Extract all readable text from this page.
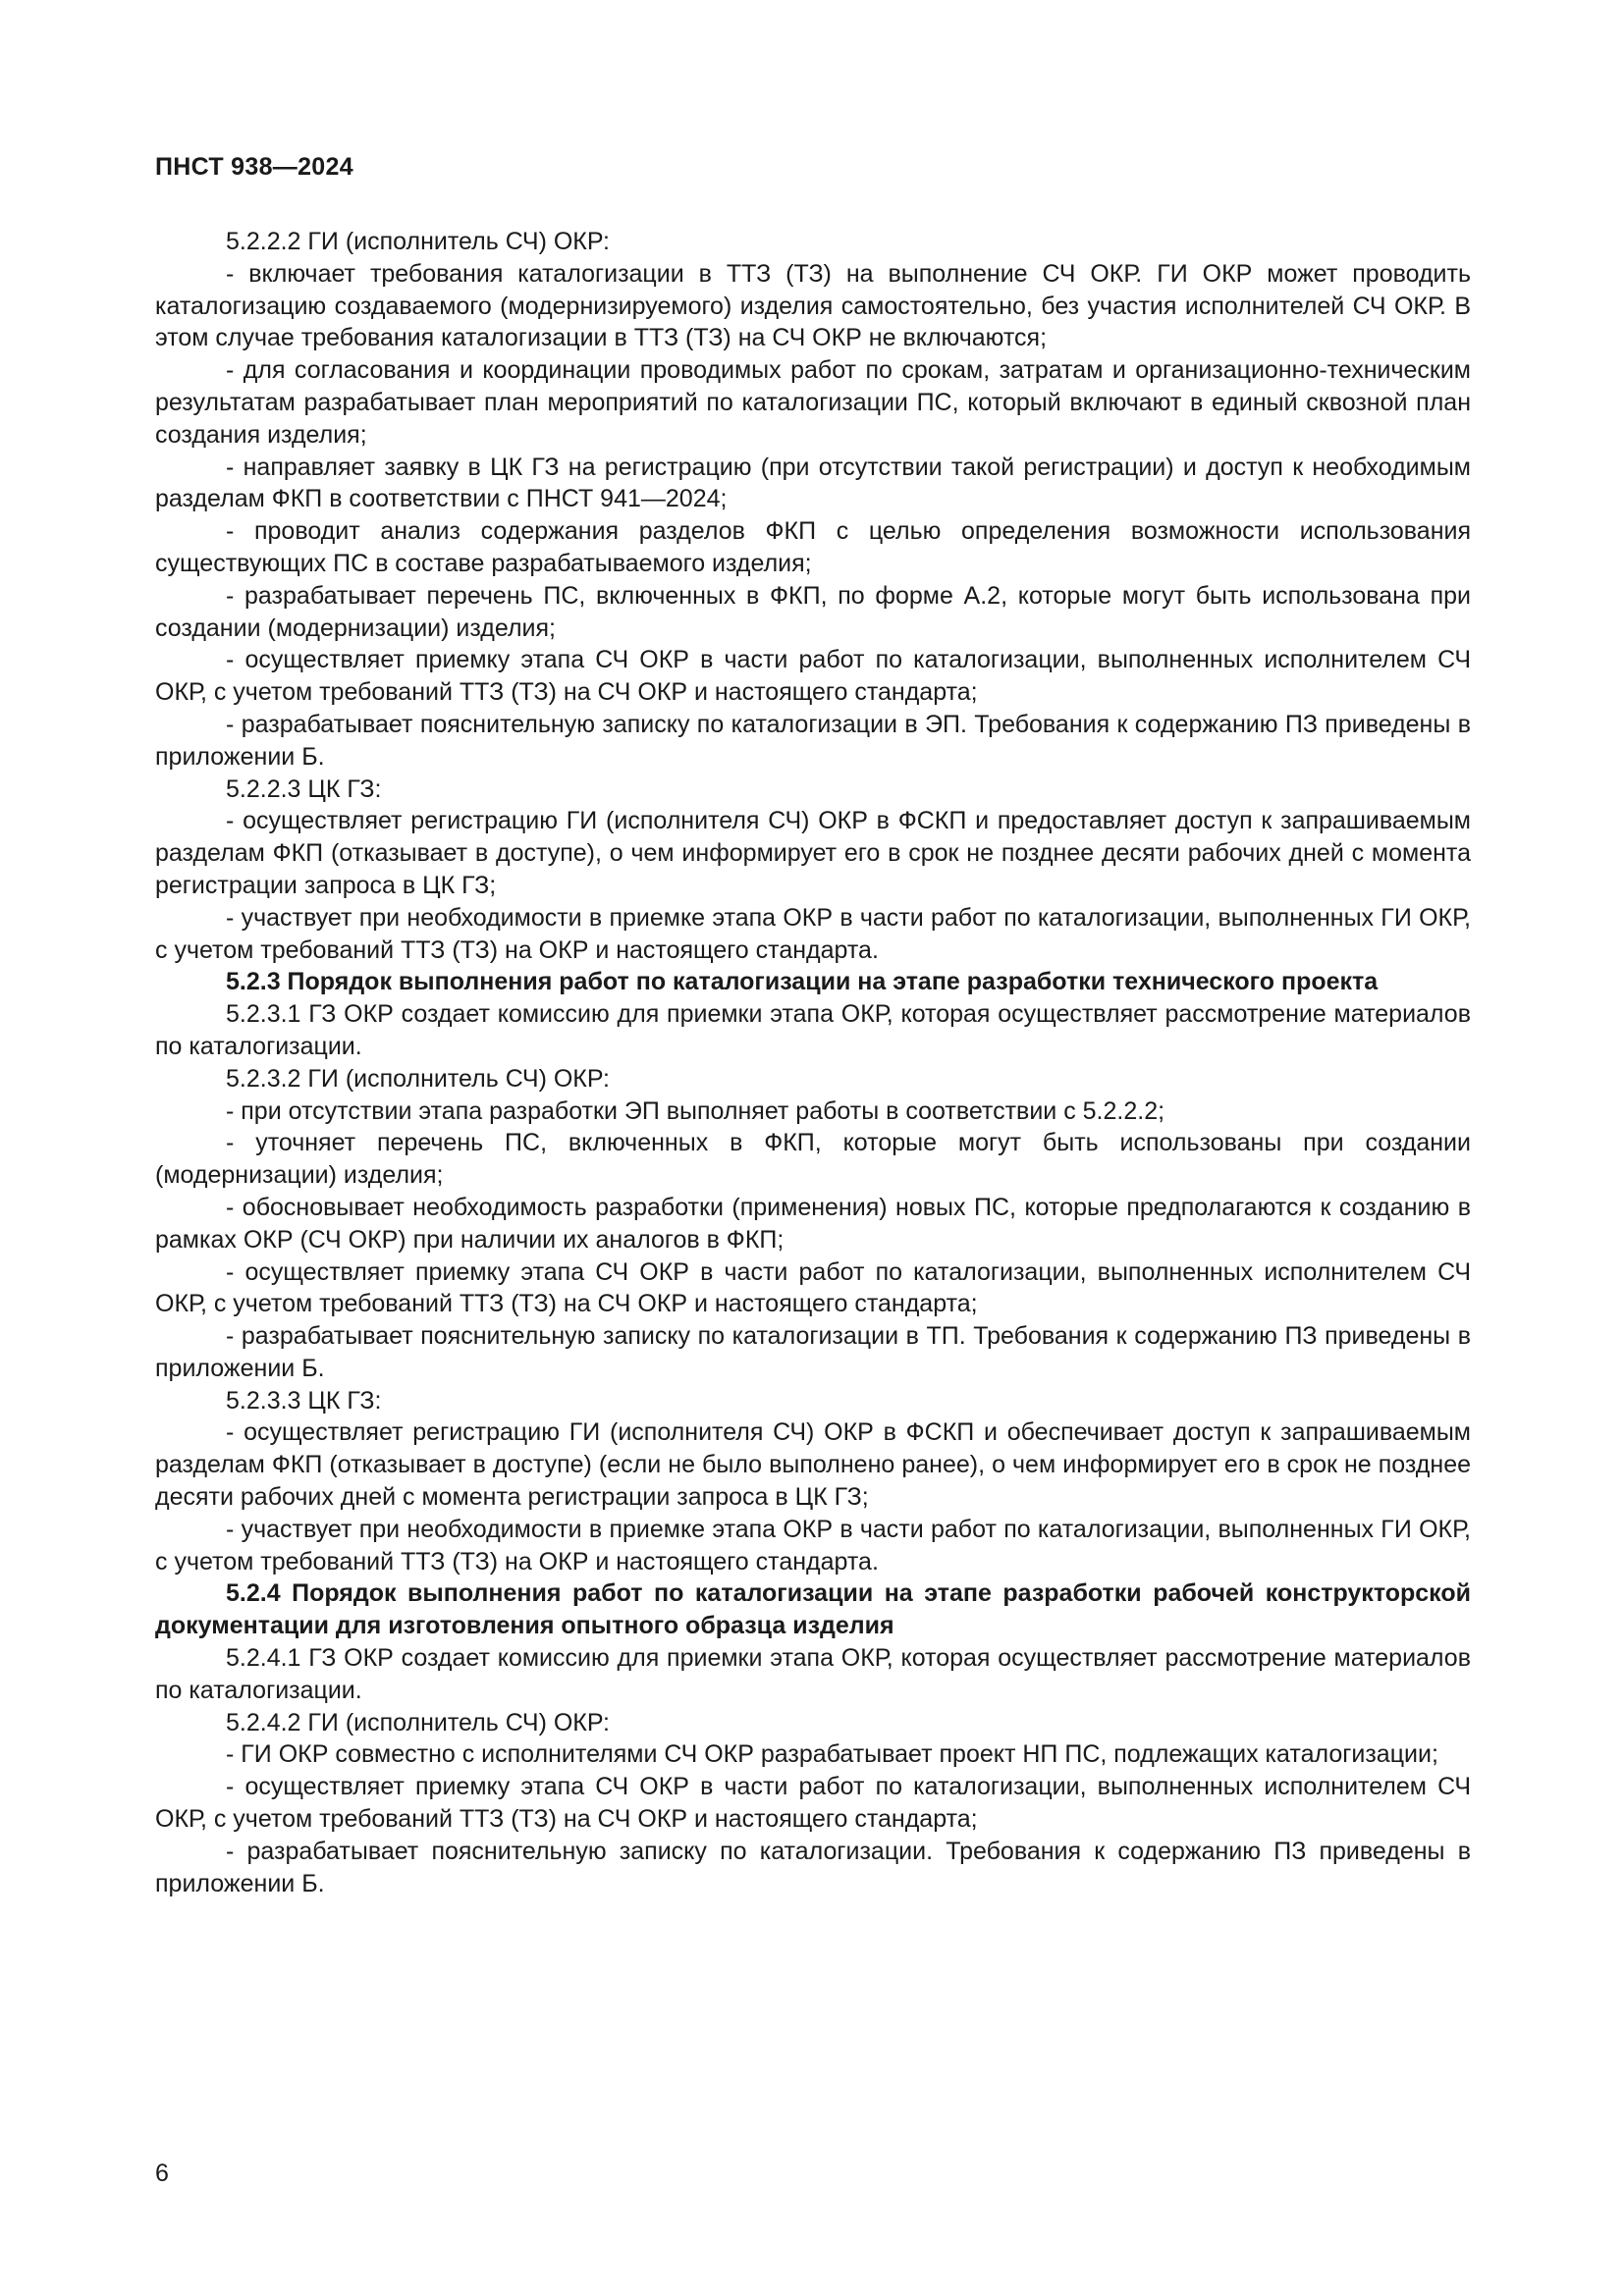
ПНСТ 938—2024

5.2.2.2 ГИ (исполнитель СЧ) ОКР:

- включает требования каталогизации в ТТЗ (ТЗ) на выполнение СЧ ОКР. ГИ ОКР может проводить каталогизацию создаваемого (модернизируемого) изделия самостоятельно, без участия исполнителей СЧ ОКР. В этом случае требования каталогизации в ТТЗ (ТЗ) на СЧ ОКР не включаются;

- для согласования и координации проводимых работ по срокам, затратам и организационно-техническим результатам разрабатывает план мероприятий по каталогизации ПС, который включают в единый сквозной план создания изделия;

- направляет заявку в ЦК ГЗ на регистрацию (при отсутствии такой регистрации) и доступ к необходимым разделам ФКП в соответствии с ПНСТ 941—2024;

- проводит анализ содержания разделов ФКП с целью определения возможности использования существующих ПС в составе разрабатываемого изделия;

- разрабатывает перечень ПС, включенных в ФКП, по форме А.2, которые могут быть использована при создании (модернизации) изделия;

- осуществляет приемку этапа СЧ ОКР в части работ по каталогизации, выполненных исполнителем СЧ ОКР, с учетом требований ТТЗ (ТЗ) на СЧ ОКР и настоящего стандарта;

- разрабатывает пояснительную записку по каталогизации в ЭП. Требования к содержанию ПЗ приведены в приложении Б.

5.2.2.3 ЦК ГЗ:

- осуществляет регистрацию ГИ (исполнителя СЧ) ОКР в ФСКП и предоставляет доступ к запрашиваемым разделам ФКП (отказывает в доступе), о чем информирует его в срок не позднее десяти рабочих дней с момента регистрации запроса в ЦК ГЗ;

- участвует при необходимости в приемке этапа ОКР в части работ по каталогизации, выполненных ГИ ОКР, с учетом требований ТТЗ (ТЗ) на ОКР и настоящего стандарта.

5.2.3 Порядок выполнения работ по каталогизации на этапе разработки технического проекта

5.2.3.1 ГЗ ОКР создает комиссию для приемки этапа ОКР, которая осуществляет рассмотрение материалов по каталогизации.

5.2.3.2 ГИ (исполнитель СЧ) ОКР:

- при отсутствии этапа разработки ЭП выполняет работы в соответствии с 5.2.2.2;

- уточняет перечень ПС, включенных в ФКП, которые могут быть использованы при создании (модернизации) изделия;

- обосновывает необходимость разработки (применения) новых ПС, которые предполагаются к созданию в рамках ОКР (СЧ ОКР) при наличии их аналогов в ФКП;

- осуществляет приемку этапа СЧ ОКР в части работ по каталогизации, выполненных исполнителем СЧ ОКР, с учетом требований ТТЗ (ТЗ) на СЧ ОКР и настоящего стандарта;

- разрабатывает пояснительную записку по каталогизации в ТП. Требования к содержанию ПЗ приведены в приложении Б.

5.2.3.3 ЦК ГЗ:

- осуществляет регистрацию ГИ (исполнителя СЧ) ОКР в ФСКП и обеспечивает доступ к запрашиваемым разделам ФКП (отказывает в доступе) (если не было выполнено ранее), о чем информирует его в срок не позднее десяти рабочих дней с момента регистрации запроса в ЦК ГЗ;

- участвует при необходимости в приемке этапа ОКР в части работ по каталогизации, выполненных ГИ ОКР, с учетом требований ТТЗ (ТЗ) на ОКР и настоящего стандарта.

5.2.4 Порядок выполнения работ по каталогизации на этапе разработки рабочей конструкторской документации для изготовления опытного образца изделия

5.2.4.1 ГЗ ОКР создает комиссию для приемки этапа ОКР, которая осуществляет рассмотрение материалов по каталогизации.

5.2.4.2 ГИ (исполнитель СЧ) ОКР:

- ГИ ОКР совместно с исполнителями СЧ ОКР разрабатывает проект НП ПС, подлежащих каталогизации;

- осуществляет приемку этапа СЧ ОКР в части работ по каталогизации, выполненных исполнителем СЧ ОКР, с учетом требований ТТЗ (ТЗ) на СЧ ОКР и настоящего стандарта;

- разрабатывает пояснительную записку по каталогизации. Требования к содержанию ПЗ приведены в приложении Б.

6
